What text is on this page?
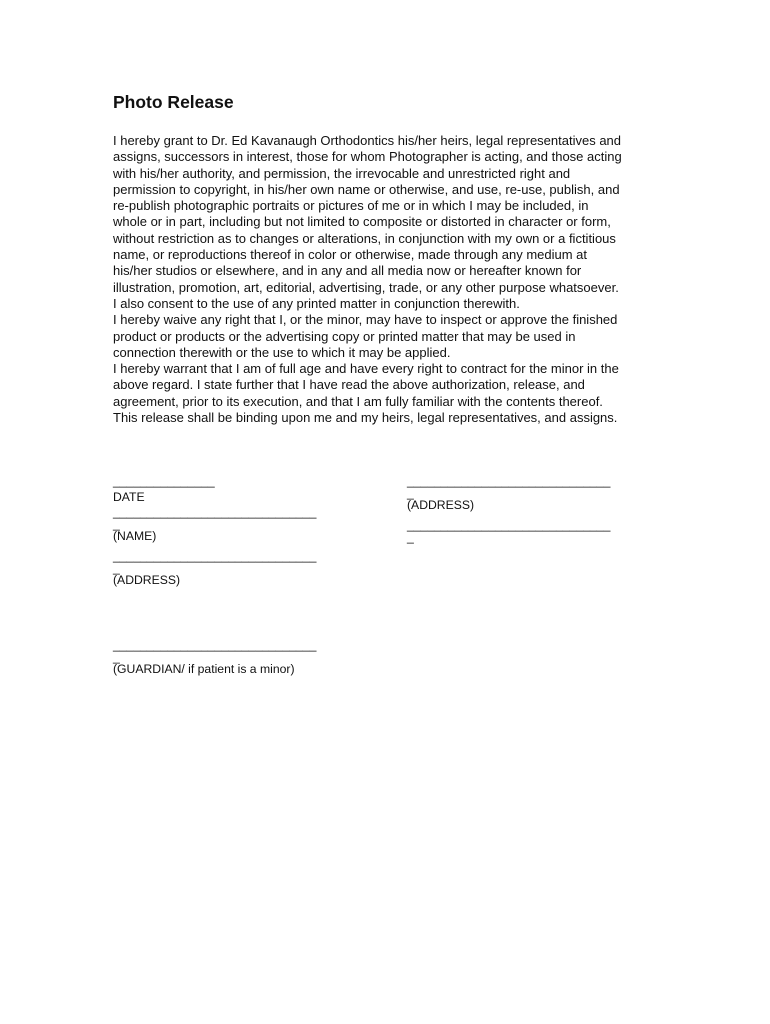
Photo Release
I hereby grant to Dr. Ed Kavanaugh Orthodontics his/her heirs, legal representatives and
assigns, successors in interest, those for whom Photographer is acting, and those acting
with his/her authority, and permission, the irrevocable and unrestricted right and
permission to copyright, in his/her own name or otherwise, and use, re-use, publish, and
re-publish photographic portraits or pictures of me or in which I may be included, in
whole or in part, including but not limited to composite or distorted in character or form,
without restriction as to changes or alterations, in conjunction with my own or a fictitious
name, or reproductions thereof in color or otherwise, made through any medium at
his/her studios or elsewhere, and in any and all media now or hereafter known for
illustration, promotion, art, editorial, advertising, trade, or any other purpose whatsoever.
I also consent to the use of any printed matter in conjunction therewith.
I hereby waive any right that I, or the minor, may have to inspect or approve the finished
product or products or the advertising copy or printed matter that may be used in
connection therewith or the use to which it may be applied.
I hereby warrant that I am of full age and have every right to contract for the minor in the
above regard. I state further that I have read the above authorization, release, and
agreement, prior to its execution, and that I am fully familiar with the contents thereof.
This release shall be binding upon me and my heirs, legal representatives, and assigns.
_______________
DATE
______________________________
_
(NAME)
______________________________
_
(ADDRESS)
______________________________
_
(GUARDIAN/ if patient is a minor)
______________________________
_
(ADDRESS)
______________________________
_
